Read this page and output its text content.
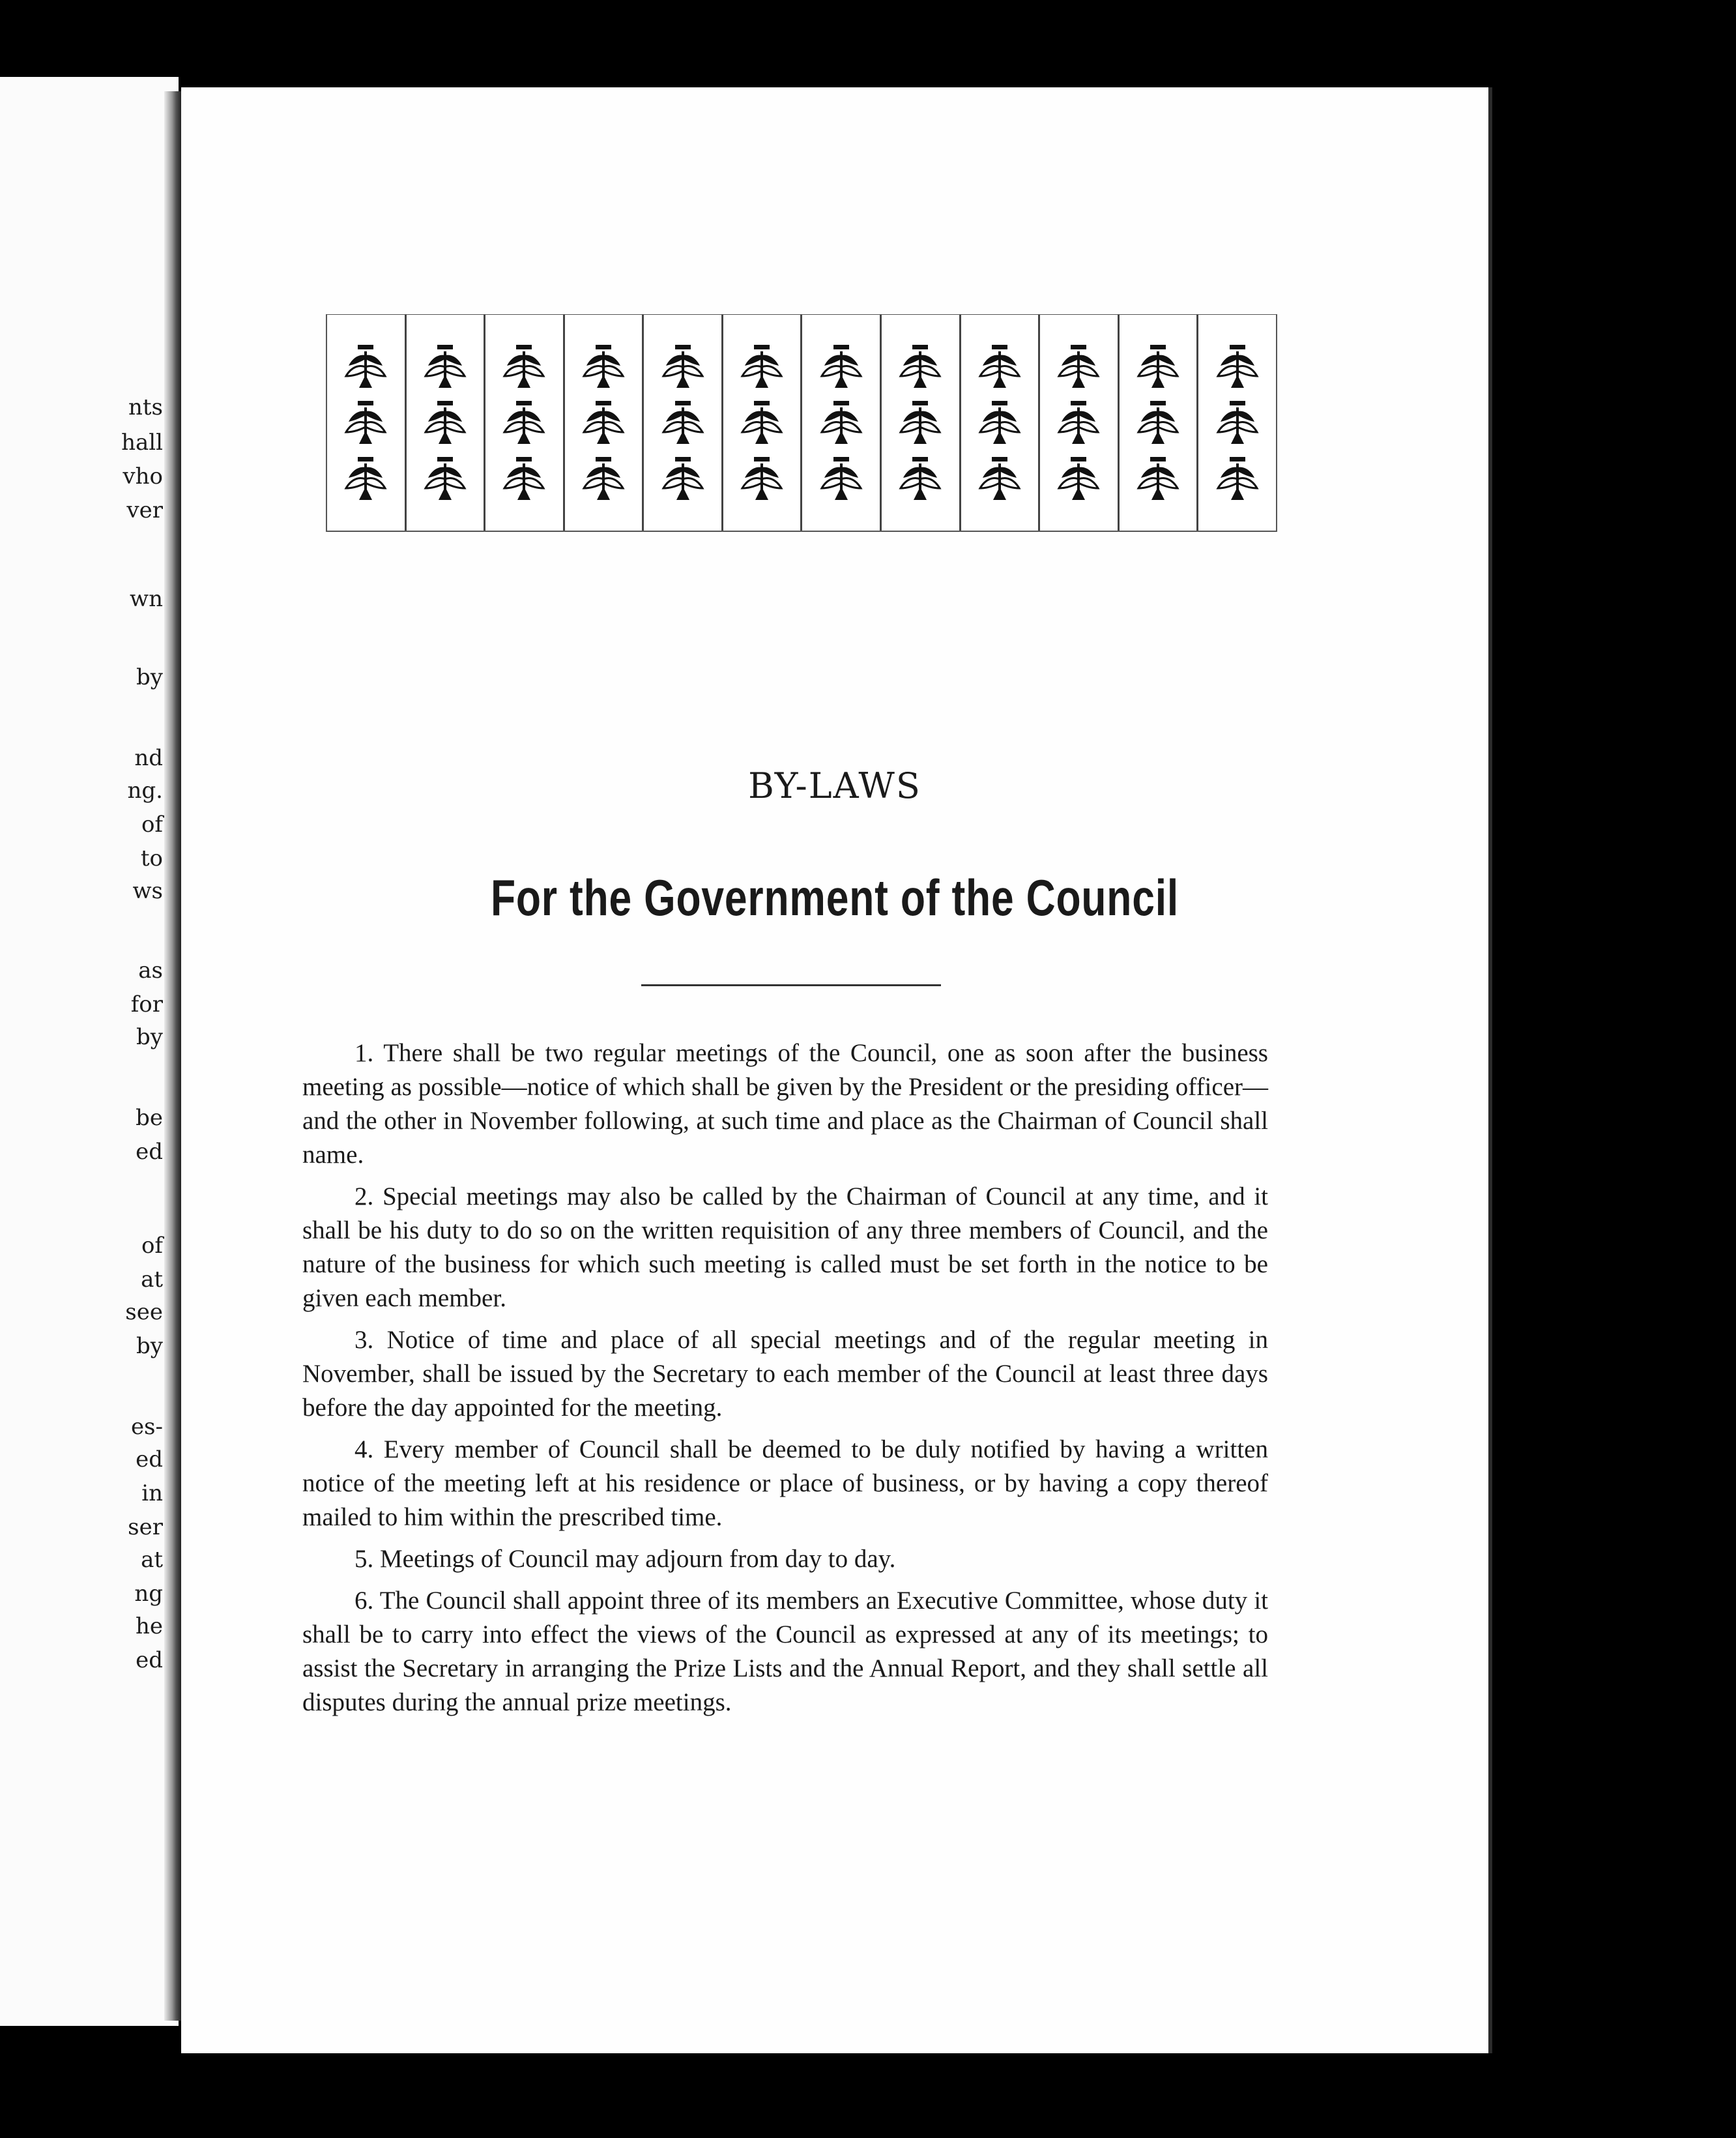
nts
hall
vho
ver
wn
by
nd
ng.
of
to
ws
as
for
by
be
ed
of
at
see
by
es-
ed
in
ser
at
ng
he
ed
BY-LAWS
For the Government of the Council

1. There shall be two regular meetings of the Council, one as soon after the business meeting as possible—notice of which shall be given by the President or the presiding officer—and the other in November following, at such time and place as the Chairman of Council shall name.

2. Special meetings may also be called by the Chairman of Council at any time, and it shall be his duty to do so on the written requisition of any three members of Council, and the nature of the business for which such meeting is called must be set forth in the notice to be given each member.

3. Notice of time and place of all special meetings and of the regular meeting in November, shall be issued by the Secretary to each member of the Council at least three days before the day appointed for the meeting.

4. Every member of Council shall be deemed to be duly notified by having a written notice of the meeting left at his residence or place of business, or by having a copy thereof mailed to him within the prescribed time.

5. Meetings of Council may adjourn from day to day.

6. The Council shall appoint three of its members an Executive Committee, whose duty it shall be to carry into effect the views of the Council as expressed at any of its meetings; to assist the Secretary in arranging the Prize Lists and the Annual Report, and they shall settle all disputes during the annual prize meetings.
